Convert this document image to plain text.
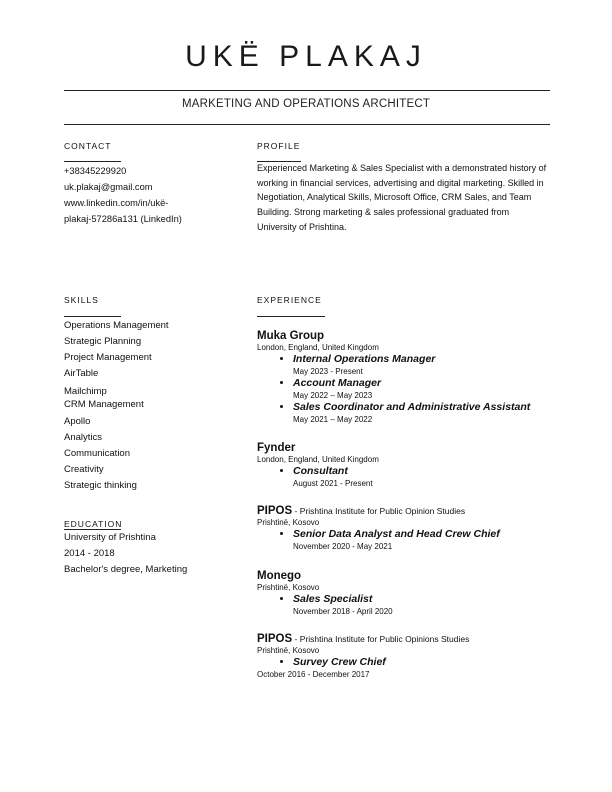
UKË PLAKAJ
MARKETING AND OPERATIONS ARCHITECT
CONTACT
+38345229920
uk.plakaj@gmail.com
www.linkedin.com/in/ukë-
plakaj-57286a131 (LinkedIn)
PROFILE
Experienced Marketing & Sales Specialist with a demonstrated history of working in financial services, advertising and digital marketing. Skilled in Negotiation, Analytical Skills, Microsoft Office, CRM Sales, and Team Building. Strong marketing & sales professional graduated from University of Prishtina.
SKILLS
Operations Management
Strategic Planning
Project Management
AirTable
Mailchimp
CRM Management
Apollo
Analytics
Communication
Creativity
Strategic thinking
EDUCATION
University of Prishtina
2014 - 2018
Bachelor's degree, Marketing
EXPERIENCE
Muka Group
London, England, United Kingdom
• Internal Operations Manager
May 2023 - Present
• Account Manager
May 2022 – May 2023
• Sales Coordinator and Administrative Assistant
May 2021 – May 2022
Fynder
London, England, United Kingdom
• Consultant
August 2021 - Present
PIPOS - Prishtina Institute for Public Opinion Studies
Prishtinë, Kosovo
• Senior Data Analyst and Head Crew Chief
November 2020 - May 2021
Monego
Prishtinë, Kosovo
• Sales Specialist
November 2018 - April 2020
PIPOS - Prishtina Institute for Public Opinions Studies
Prishtinë, Kosovo
• Survey Crew Chief
October 2016 - December 2017
